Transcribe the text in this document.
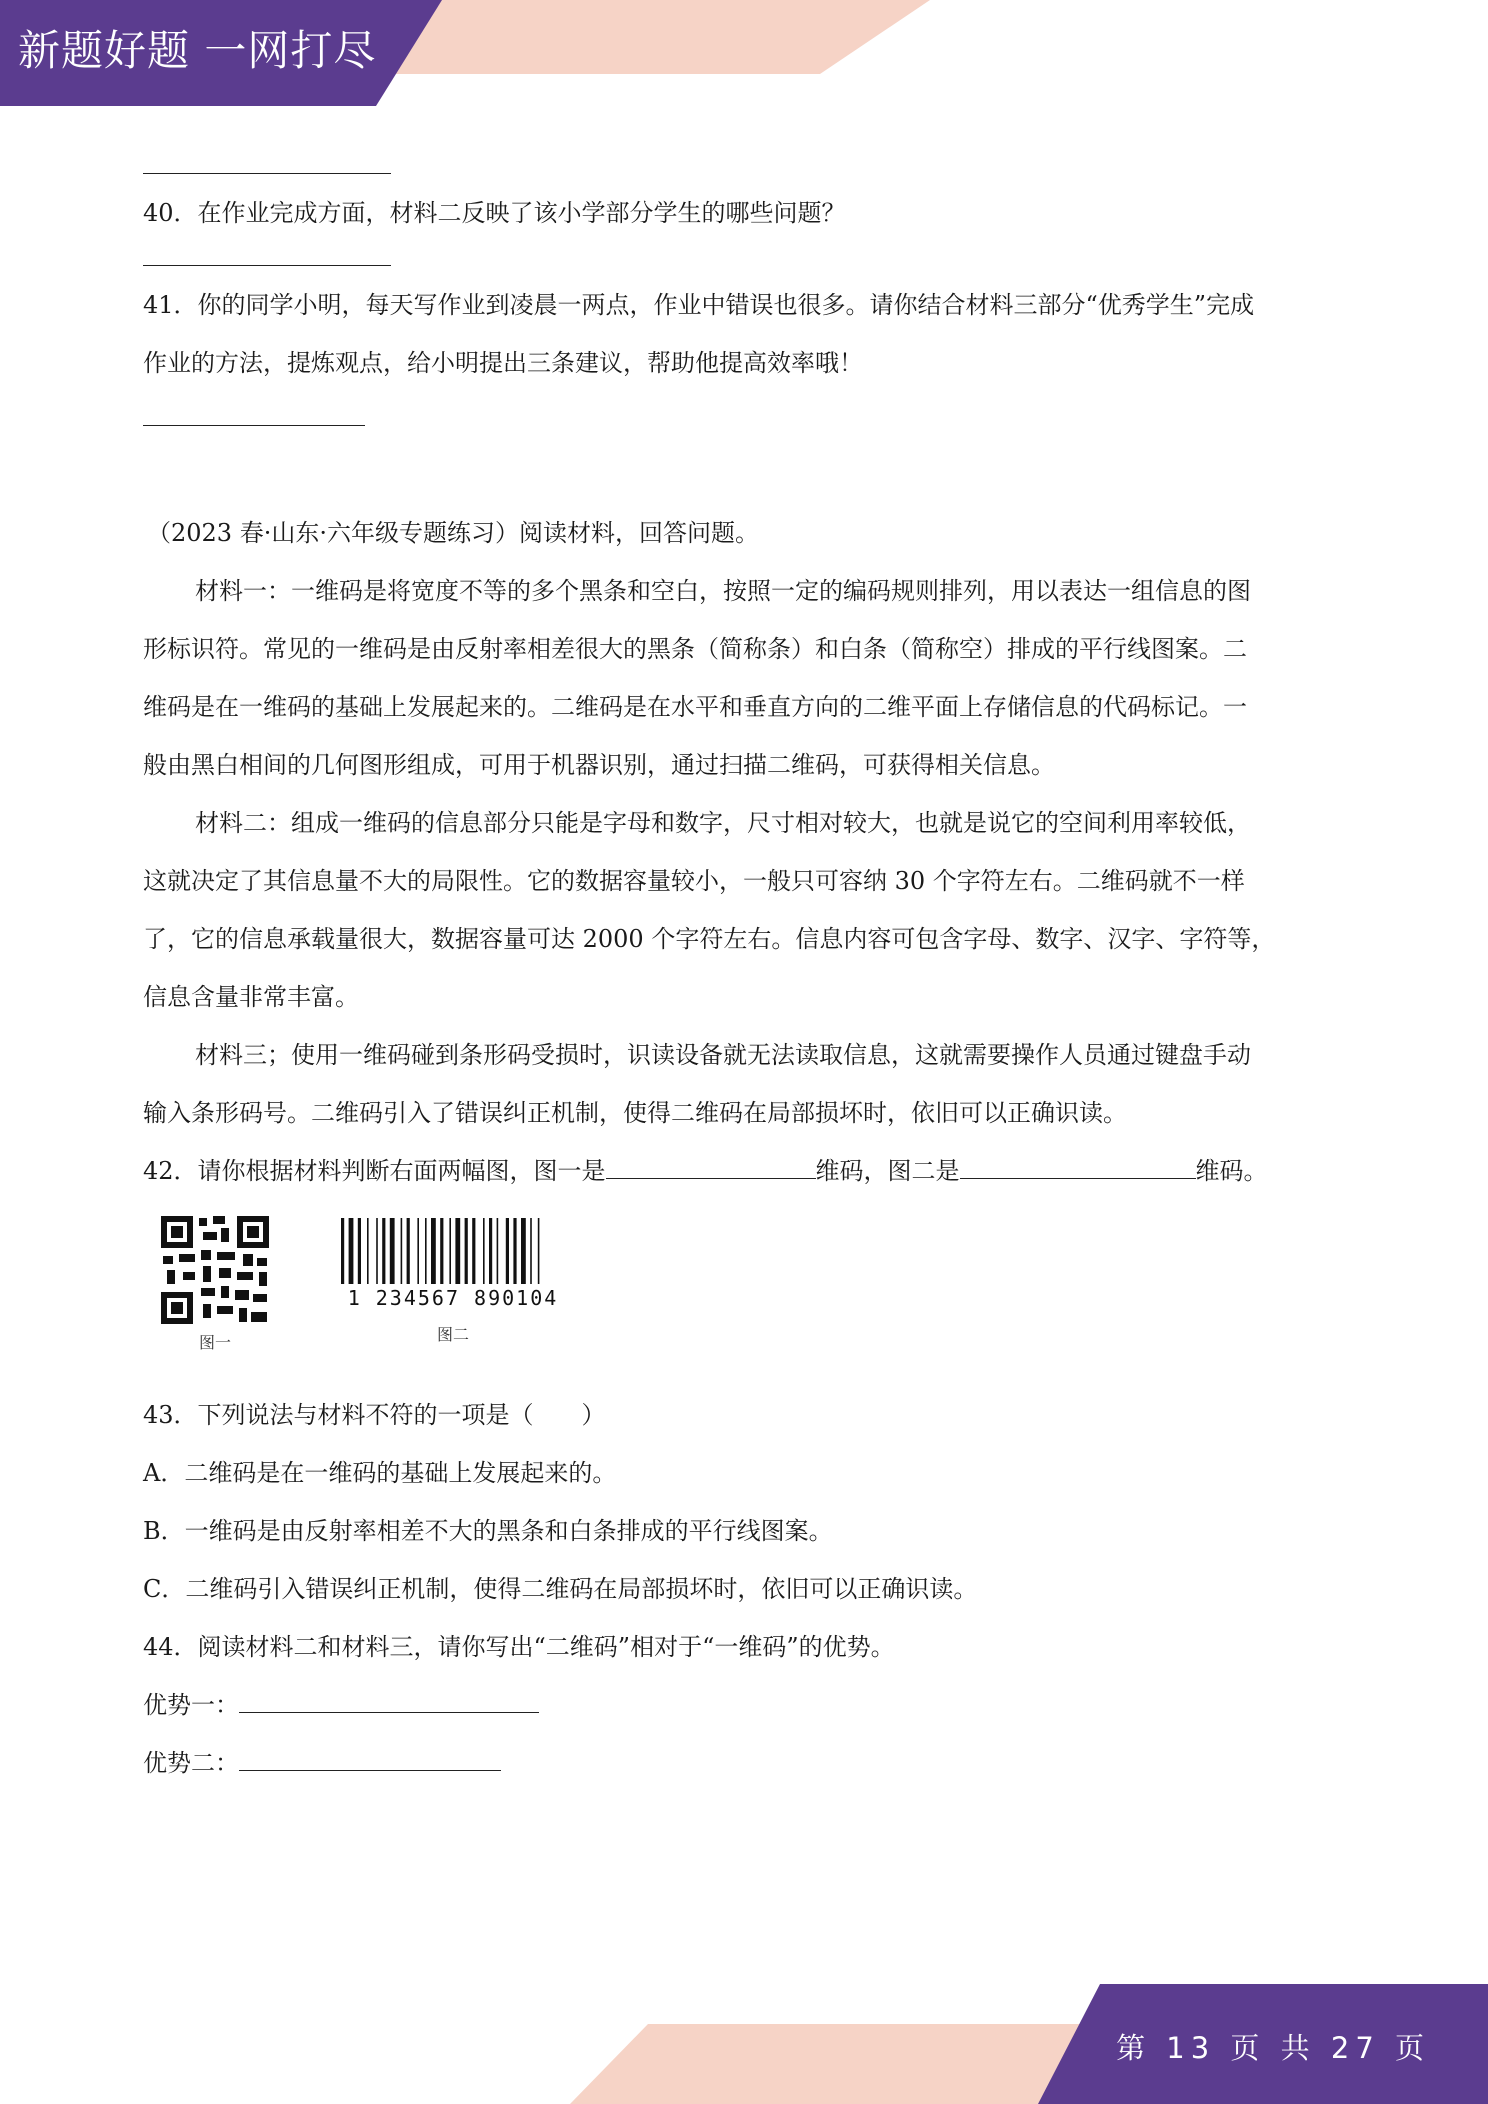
新题好题 一网打尽
40．在作业完成方面，材料二反映了该小学部分学生的哪些问题？
41．你的同学小明，每天写作业到凌晨一两点，作业中错误也很多。请你结合材料三部分“优秀学生”完成
作业的方法，提炼观点，给小明提出三条建议，帮助他提高效率哦！
（2023 春·山东·六年级专题练习）阅读材料，回答问题。
材料一：一维码是将宽度不等的多个黑条和空白，按照一定的编码规则排列，用以表达一组信息的图
形标识符。常见的一维码是由反射率相差很大的黑条（简称条）和白条（简称空）排成的平行线图案。二
维码是在一维码的基础上发展起来的。二维码是在水平和垂直方向的二维平面上存储信息的代码标记。一
般由黑白相间的几何图形组成，可用于机器识别，通过扫描二维码，可获得相关信息。
材料二：组成一维码的信息部分只能是字母和数字，尺寸相对较大，也就是说它的空间利用率较低，
这就决定了其信息量不大的局限性。它的数据容量较小，一般只可容纳 30 个字符左右。二维码就不一样
了，它的信息承载量很大，数据容量可达 2000 个字符左右。信息内容可包含字母、数字、汉字、字符等，
信息含量非常丰富。
材料三；使用一维码碰到条形码受损时，识读设备就无法读取信息，这就需要操作人员通过键盘手动
输入条形码号。二维码引入了错误纠正机制，使得二维码在局部损坏时，依旧可以正确识读。
42．请你根据材料判断右面两幅图，图一是	维码，图二是	维码。
图一
1 234567 890104
图二
43．下列说法与材料不符的一项是（　　）
A．二维码是在一维码的基础上发展起来的。
B．一维码是由反射率相差不大的黑条和白条排成的平行线图案。
C．二维码引入错误纠正机制，使得二维码在局部损坏时，依旧可以正确识读。
44．阅读材料二和材料三，请你写出“二维码”相对于“一维码”的优势。
优势一：
优势二：
第 13 页 共 27 页
